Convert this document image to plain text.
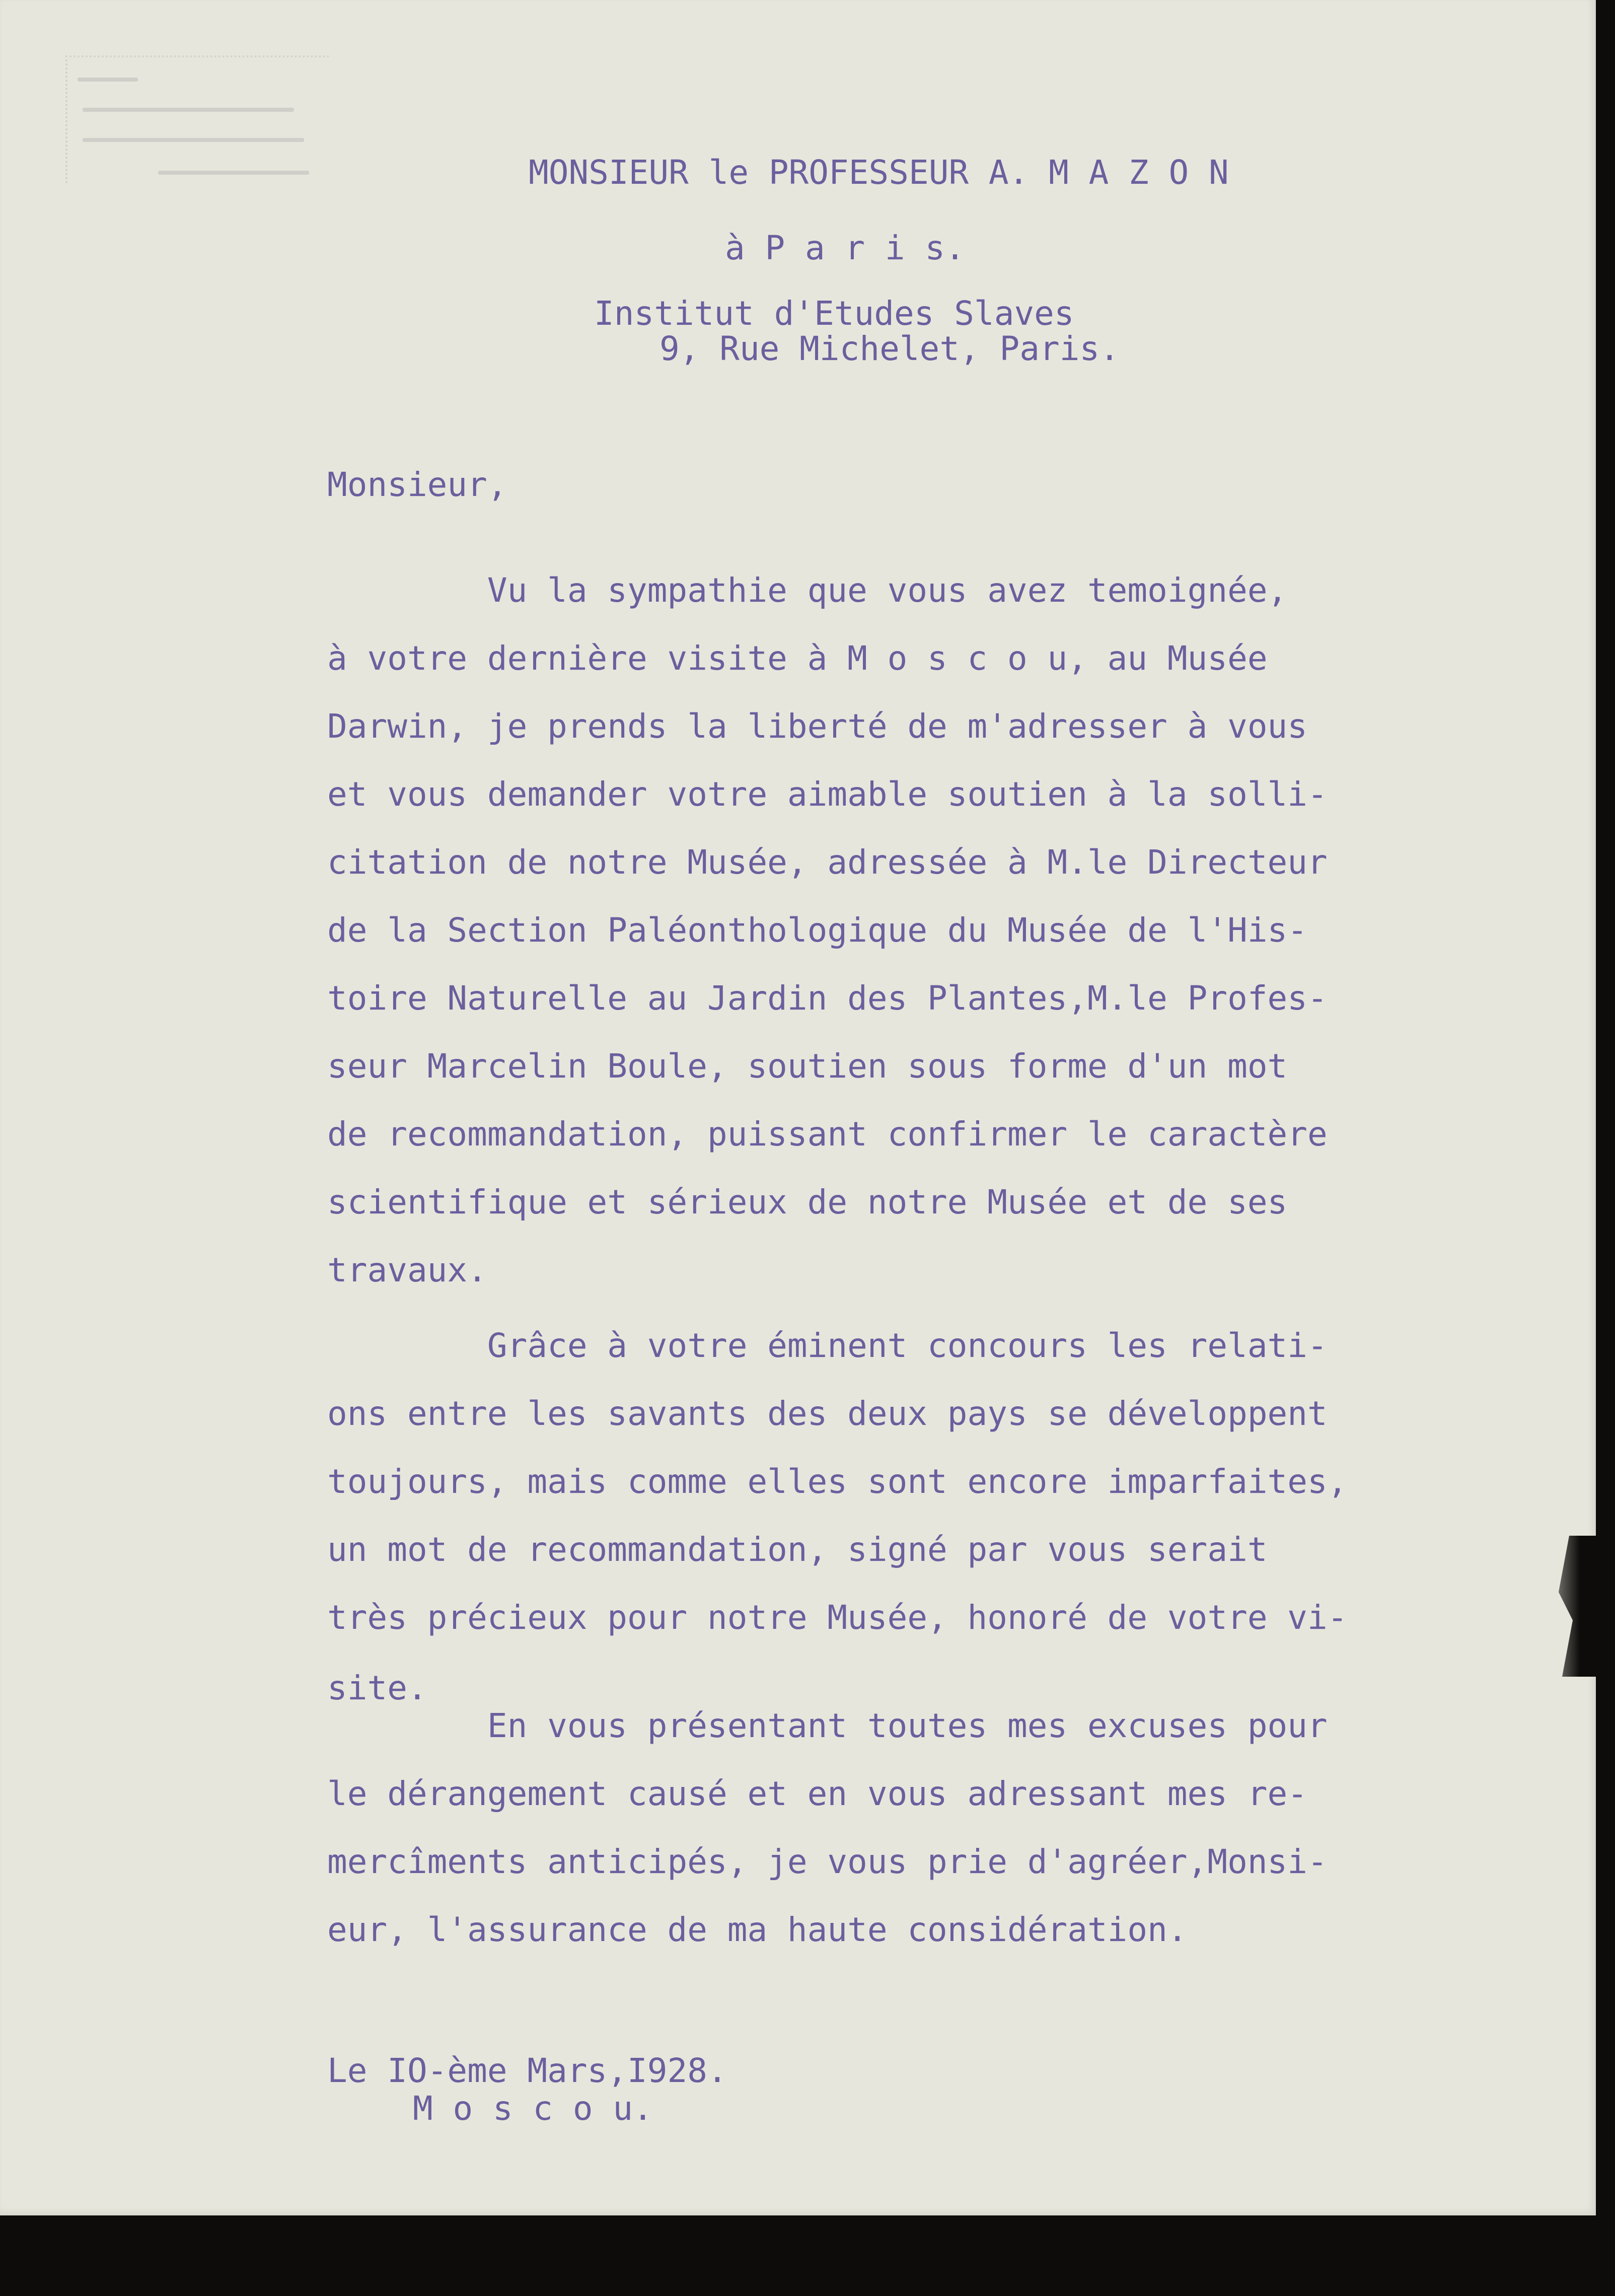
MONSIEUR le PROFESSEUR A. M A Z O N

à P a r i s.

Institut d'Etudes Slaves

9, Rue Michelet, Paris.

Monsieur,

Vu la sympathie que vous avez temoignée,

à votre dernière visite à M o s c o u, au Musée

Darwin, je prends la liberté de m'adresser à vous

et vous demander votre aimable soutien à la solli-

citation de notre Musée, adressée à M.le Directeur

de la Section Paléonthologique du Musée de l'His-

toire Naturelle au Jardin des Plantes,M.le Profes-

seur Marcelin Boule, soutien sous forme d'un mot

de recommandation, puissant confirmer le caractère

scientifique et sérieux de notre Musée et de ses

travaux.

Grâce à votre éminent concours les relati-

ons entre les savants des deux pays se développent

toujours, mais comme elles sont encore imparfaites,

un mot de recommandation, signé par vous serait

très précieux pour notre Musée, honoré de votre vi-

site.

En vous présentant toutes mes excuses pour

le dérangement causé et en vous adressant mes re-

mercîments anticipés, je vous prie d'agréer,Monsi-

eur, l'assurance de ma haute considération.

Le IO-ème Mars,I928.

M o s c o u.
